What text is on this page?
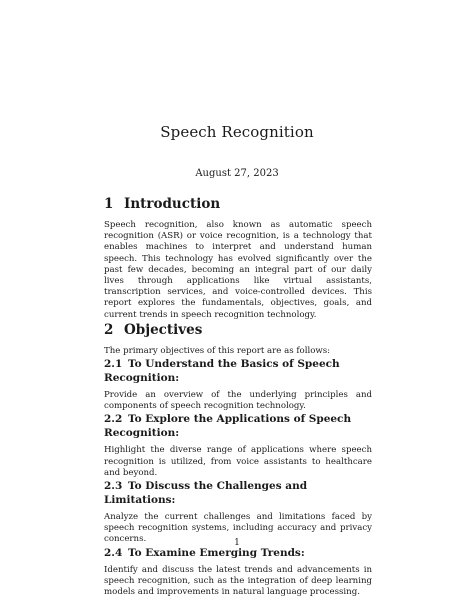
Speech Recognition
August 27, 2023
1 Introduction

Speech recognition, also known as automatic speech recognition (ASR) or voice recognition, is a technology that enables machines to interpret and understand human speech. This technology has evolved significantly over the past few decades, becoming an integral part of our daily lives through applications like virtual assistants, transcription services, and voice-controlled devices. This report explores the fundamentals, objectives, goals, and current trends in speech recognition technology.

2 Objectives

The primary objectives of this report are as follows:

2.1 To Understand the Basics of Speech Recognition:

Provide an overview of the underlying principles and components of speech recognition technology.

2.2 To Explore the Applications of Speech Recognition:

Highlight the diverse range of applications where speech recognition is utilized, from voice assistants to healthcare and beyond.

2.3 To Discuss the Challenges and Limitations:

Analyze the current challenges and limitations faced by speech recognition systems, including accuracy and privacy concerns.

2.4 To Examine Emerging Trends:

Identify and discuss the latest trends and advancements in speech recognition, such as the integration of deep learning models and improvements in natural language processing.

1
